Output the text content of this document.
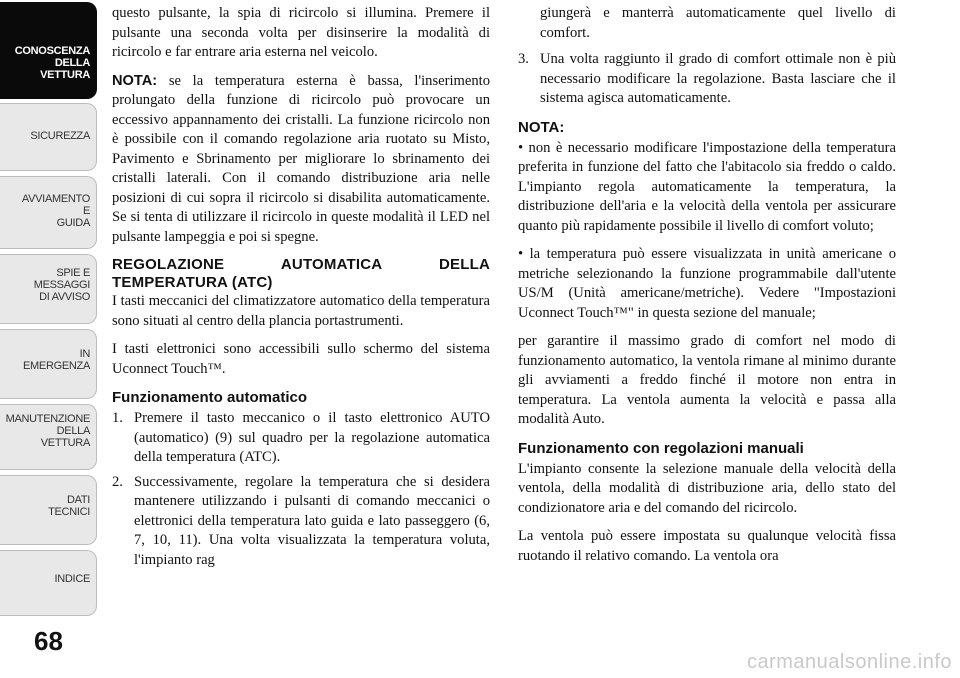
CONOSCENZA
DELLA
VETTURA
SICUREZZA
AVVIAMENTO
E
GUIDA
SPIE E
MESSAGGI
DI AVVISO
IN
EMERGENZA
MANUTENZIONE
DELLA
VETTURA
DATI
TECNICI
INDICE
68

questo pulsante, la spia di ricircolo si illumina. Premere il pulsante una seconda volta per disinserire la modalità di ricircolo e far entrare aria esterna nel veicolo.

NOTA: se la temperatura esterna è bassa, l'inserimento prolungato della funzione di ricircolo può provocare un eccessivo appannamento dei cristalli. La funzione ricircolo non è possibile con il comando regolazione aria ruotato su Misto, Pavimento e Sbrinamento per migliorare lo sbrinamento dei cristalli laterali. Con il comando distribuzione aria nelle posizioni di cui sopra il ricircolo si disabilita automaticamente. Se si tenta di utilizzare il ricircolo in queste modalità il LED nel pulsante lampeggia e poi si spegne.

REGOLAZIONE AUTOMATICA DELLA TEMPERATURA (ATC)

I tasti meccanici del climatizzatore automatico della temperatura sono situati al centro della plancia portastrumenti.

I tasti elettronici sono accessibili sullo schermo del sistema Uconnect Touch™.

Funzionamento automatico
1. Premere il tasto meccanico o il tasto elettronico AUTO (automatico) (9) sul quadro per la regolazione automatica della temperatura (ATC).
2. Successivamente, regolare la temperatura che si desidera mantenere utilizzando i pulsanti di comando meccanici o elettronici della temperatura lato guida e lato passeggero (6, 7, 10, 11). Una volta visualizzata la temperatura voluta, l'impianto rag
giungerà e manterrà automaticamente quel livello di comfort.
3. Una volta raggiunto il grado di comfort ottimale non è più necessario modificare la regolazione. Basta lasciare che il sistema agisca automaticamente.
NOTA:

• non è necessario modificare l'impostazione della temperatura preferita in funzione del fatto che l'abitacolo sia freddo o caldo. L'impianto regola automaticamente la temperatura, la distribuzione dell'aria e la velocità della ventola per assicurare quanto più rapidamente possibile il livello di comfort voluto;

• la temperatura può essere visualizzata in unità americane o metriche selezionando la funzione programmabile dall'utente US/M (Unità americane/metriche). Vedere "Impostazioni Uconnect Touch™" in questa sezione del manuale;

per garantire il massimo grado di comfort nel modo di funzionamento automatico, la ventola rimane al minimo durante gli avviamenti a freddo finché il motore non entra in temperatura. La ventola aumenta la velocità e passa alla modalità Auto.

Funzionamento con regolazioni manuali

L'impianto consente la selezione manuale della velocità della ventola, della modalità di distribuzione aria, dello stato del condizionatore aria e del comando del ricircolo.

La ventola può essere impostata su qualunque velocità fissa ruotando il relativo comando. La ventola ora

carmanualsonline.info
